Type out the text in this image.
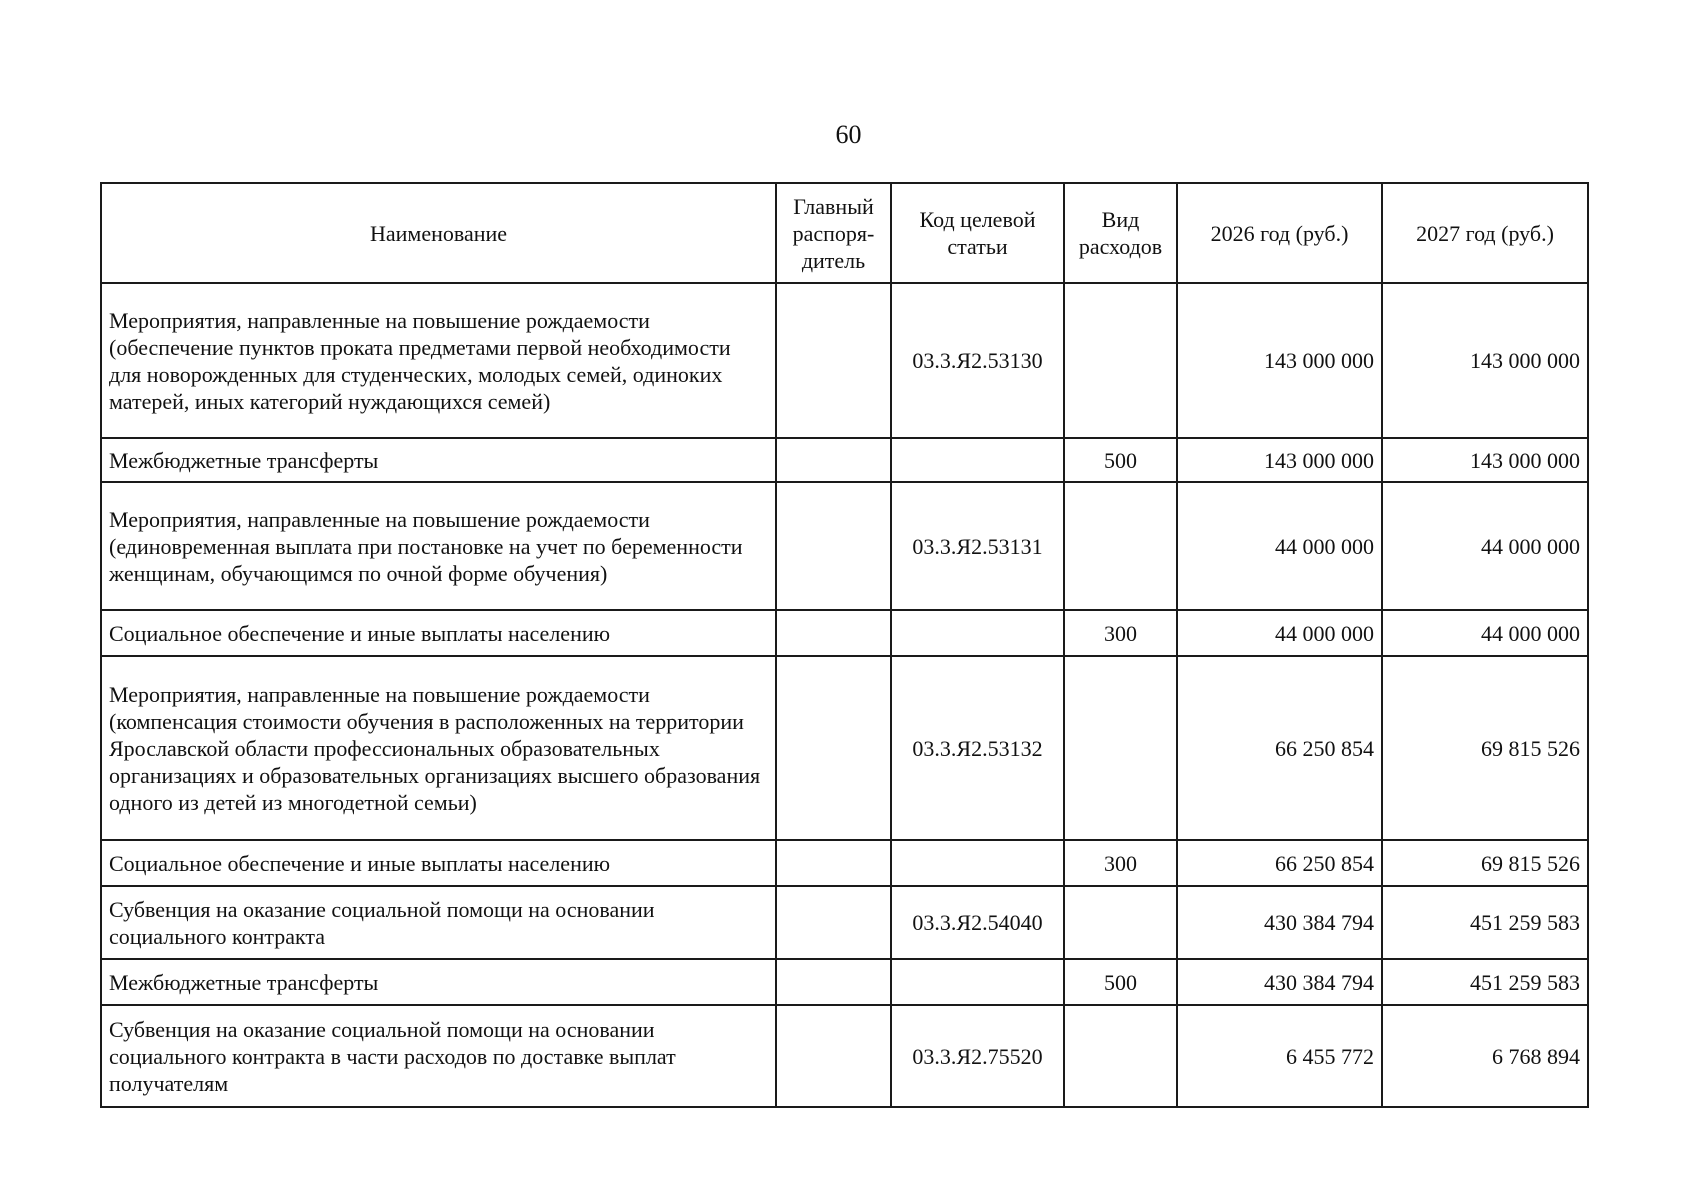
60
Наименование	Главный распоря-дитель	Код целевой статьи	Вид расходов	2026 год (руб.)	2027 год (руб.)
Мероприятия, направленные на повышение рождаемости (обеспечение пунктов проката предметами первой необходимости для новорожденных для студенческих, молодых семей, одиноких матерей, иных категорий нуждающихся семей)		03.3.Я2.53130		143 000 000	143 000 000
Межбюджетные трансферты			500	143 000 000	143 000 000
Мероприятия, направленные на повышение рождаемости (единовременная выплата при постановке на учет по беременности женщинам, обучающимся по очной форме обучения)		03.3.Я2.53131		44 000 000	44 000 000
Социальное обеспечение и иные выплаты населению			300	44 000 000	44 000 000
Мероприятия, направленные на повышение рождаемости (компенсация стоимости обучения в расположенных на территории Ярославской области профессиональных образовательных организациях и образовательных организациях высшего образования одного из детей из многодетной семьи)		03.3.Я2.53132		66 250 854	69 815 526
Социальное обеспечение и иные выплаты населению			300	66 250 854	69 815 526
Субвенция на оказание социальной помощи на основании социального контракта		03.3.Я2.54040		430 384 794	451 259 583
Межбюджетные трансферты			500	430 384 794	451 259 583
Субвенция на оказание социальной помощи на основании социального контракта в части расходов по доставке выплат получателям		03.3.Я2.75520		6 455 772	6 768 894
